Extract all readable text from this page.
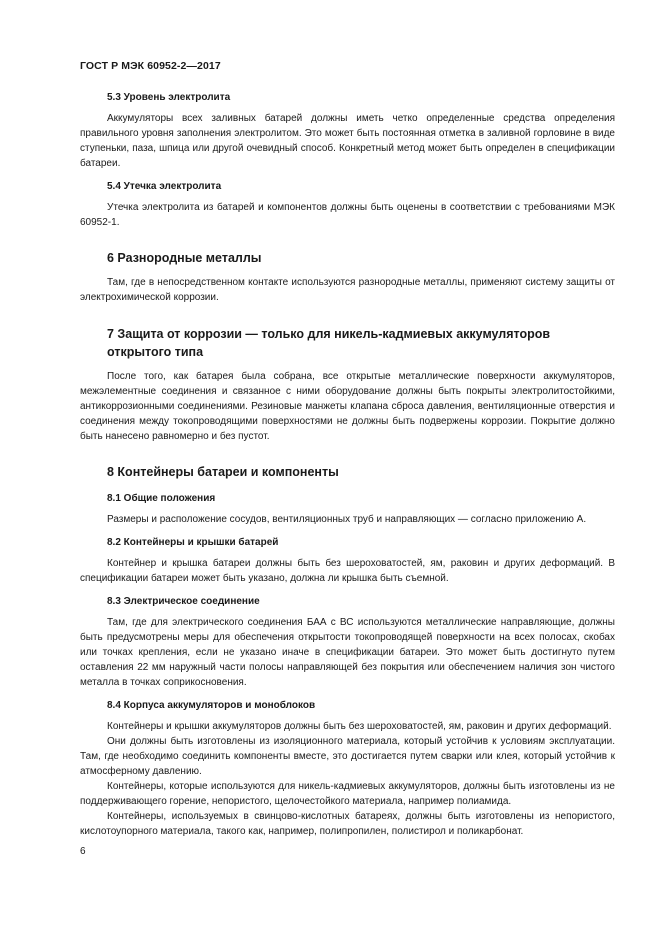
ГОСТ Р МЭК 60952-2—2017
5.3 Уровень электролита

Аккумуляторы всех заливных батарей должны иметь четко определенные средства определения правильного уровня заполнения электролитом. Это может быть постоянная отметка в заливной горловине в виде ступеньки, паза, шпица или другой очевидный способ. Конкретный метод может быть определен в спецификации батареи.

5.4 Утечка электролита

Утечка электролита из батарей и компонентов должны быть оценены в соответствии с требованиями МЭК 60952-1.

6 Разнородные металлы

Там, где в непосредственном контакте используются разнородные металлы, применяют систему защиты от электрохимической коррозии.

7 Защита от коррозии — только для никель-кадмиевых аккумуляторов
открытого типа

После того, как батарея была собрана, все открытые металлические поверхности аккумуляторов, межэлементные соединения и связанное с ними оборудование должны быть покрыты электролитостойкими, антикоррозионными соединениями. Резиновые манжеты клапана сброса давления, вентиляционные отверстия и соединения между токопроводящими поверхностями не должны быть подвержены коррозии. Покрытие должно быть нанесено равномерно и без пустот.

8 Контейнеры батареи и компоненты
8.1 Общие положения

Размеры и расположение сосудов, вентиляционных труб и направляющих — согласно приложению А.

8.2 Контейнеры и крышки батарей

Контейнер и крышка батареи должны быть без шероховатостей, ям, раковин и других деформаций. В спецификации батареи может быть указано, должна ли крышка быть съемной.

8.3 Электрическое соединение

Там, где для электрического соединения БАА с ВС используются металлические направляющие, должны быть предусмотрены меры для обеспечения открытости токопроводящей поверхности на всех полосах, скобах или точках крепления, если не указано иначе в спецификации батареи. Это может быть достигнуто путем оставления 22 мм наружный части полосы направляющей без покрытия или обеспечением наличия зон чистого металла в точках соприкосновения.

8.4 Корпуса аккумуляторов и моноблоков

Контейнеры и крышки аккумуляторов должны быть без шероховатостей, ям, раковин и других деформаций.

Они должны быть изготовлены из изоляционного материала, который устойчив к условиям эксплуатации. Там, где необходимо соединить компоненты вместе, это достигается путем сварки или клея, который устойчив к атмосферному давлению.

Контейнеры, которые используются для никель-кадмиевых аккумуляторов, должны быть изготовлены из не поддерживающего горение, непористого, щелочестойкого материала, например полиамида.

Контейнеры, используемых в свинцово-кислотных батареях, должны быть изготовлены из непористого, кислотоупорного материала, такого как, например, полипропилен, полистирол и поликарбонат.

6
